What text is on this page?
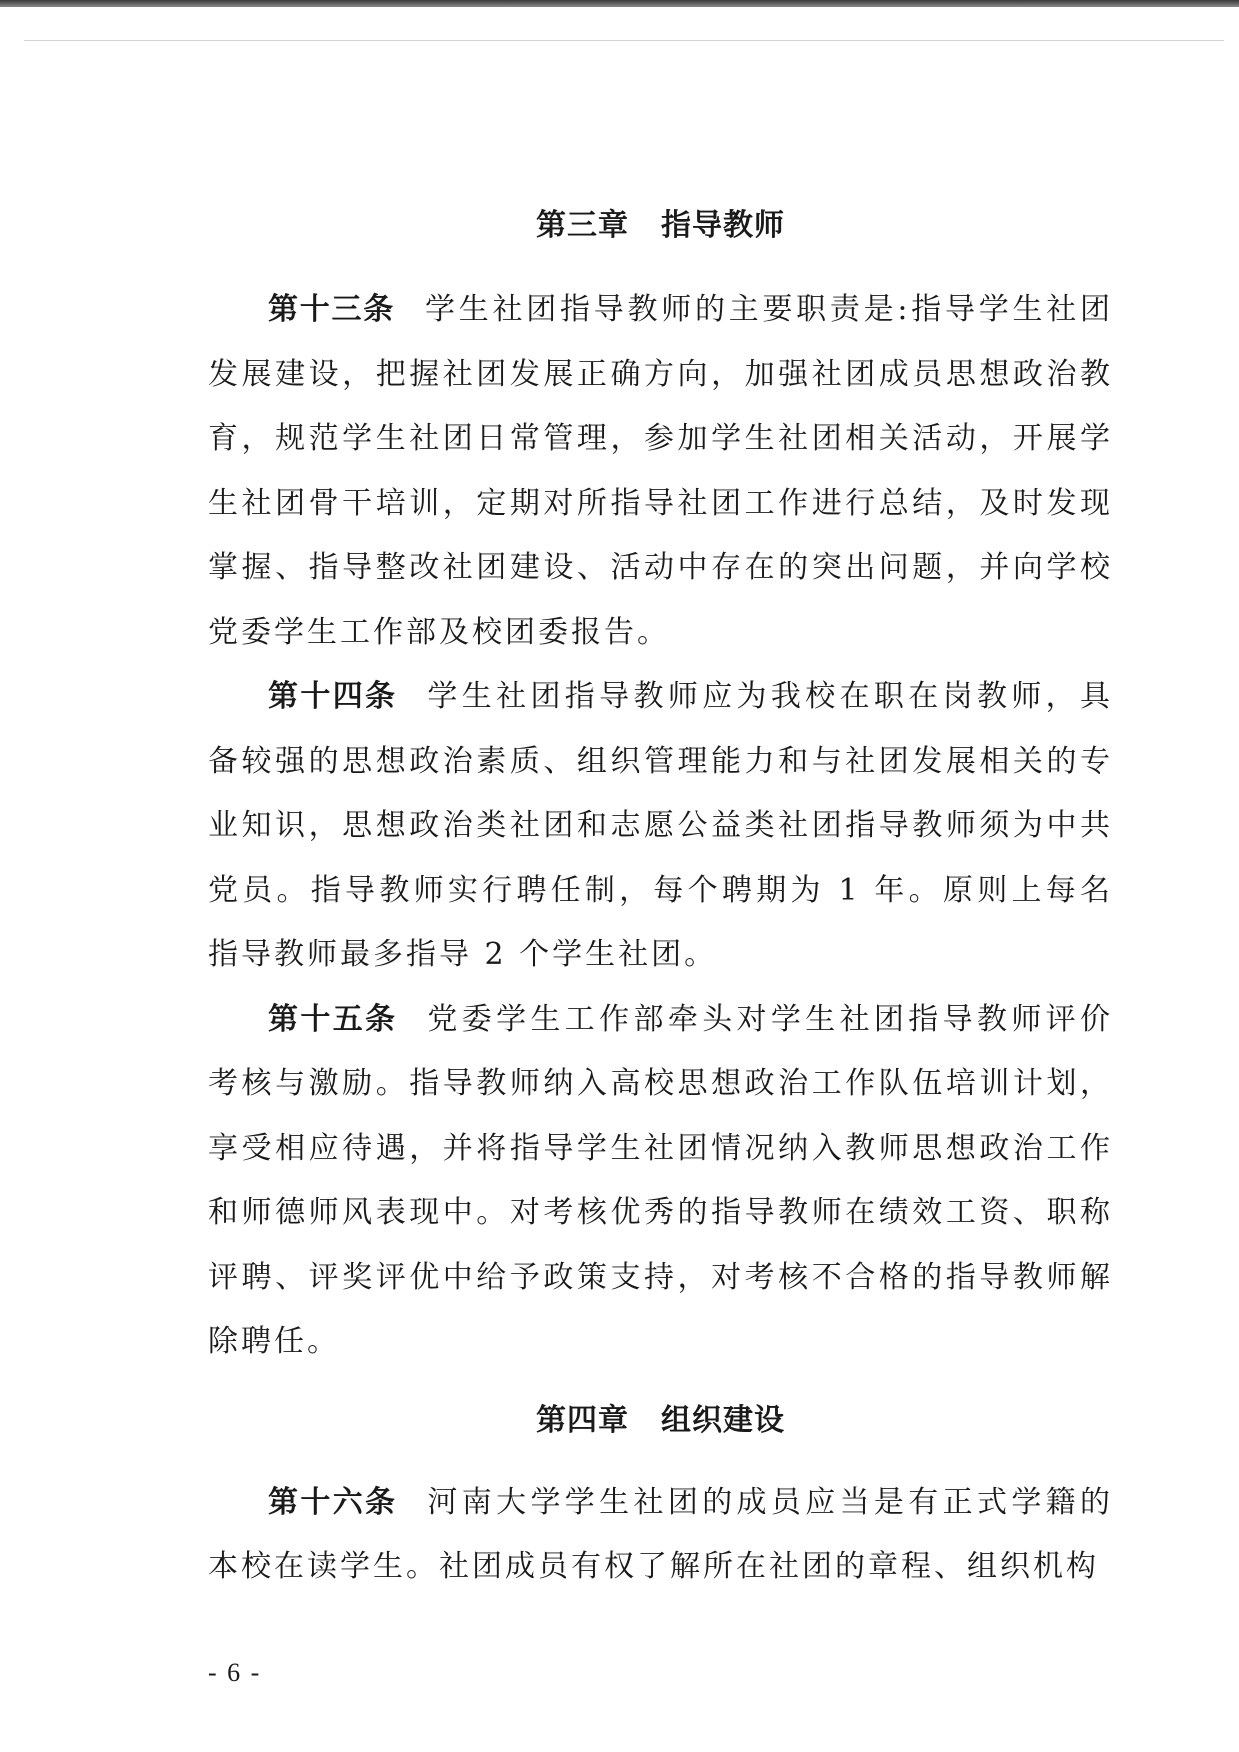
第三章 指导教师

第十三条 学生社团指导教师的主要职责是:指导学生社团发展建设，把握社团发展正确方向，加强社团成员思想政治教育，规范学生社团日常管理，参加学生社团相关活动，开展学生社团骨干培训，定期对所指导社团工作进行总结，及时发现掌握、指导整改社团建设、活动中存在的突出问题，并向学校党委学生工作部及校团委报告。

第十四条 学生社团指导教师应为我校在职在岗教师，具备较强的思想政治素质、组织管理能力和与社团发展相关的专业知识，思想政治类社团和志愿公益类社团指导教师须为中共党员。指导教师实行聘任制，每个聘期为 1 年。原则上每名指导教师最多指导 2 个学生社团。

第十五条 党委学生工作部牵头对学生社团指导教师评价考核与激励。指导教师纳入高校思想政治工作队伍培训计划，享受相应待遇，并将指导学生社团情况纳入教师思想政治工作和师德师风表现中。对考核优秀的指导教师在绩效工资、职称评聘、评奖评优中给予政策支持，对考核不合格的指导教师解除聘任。

第四章 组织建设

第十六条 河南大学学生社团的成员应当是有正式学籍的本校在读学生。社团成员有权了解所在社团的章程、组织机构

- 6 -
